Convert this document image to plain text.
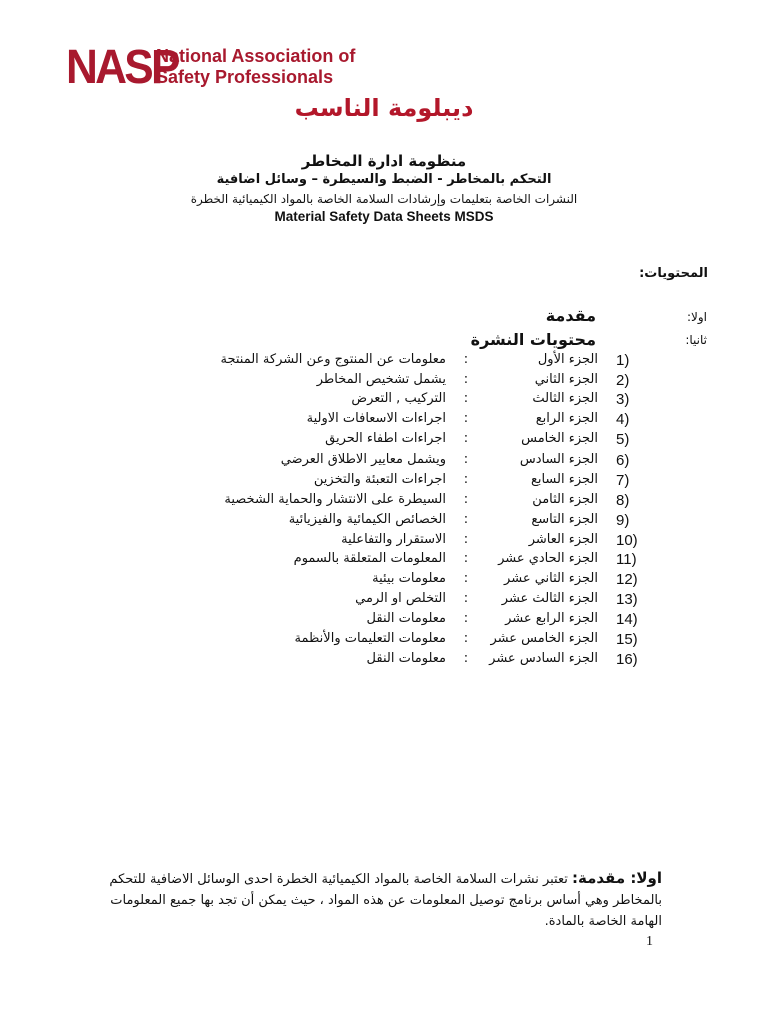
NASP
National Association of
Safety Professionals
ديبلومة الناسب
منظومة ادارة المخاطر
التحكم بالمخاطر - الضبط والسيطرة – وسائل اضافية
النشرات الخاصة بتعليمات وإرشادات السلامة الخاصة بالمواد الكيميائية الخطرة
Material Safety Data Sheets MSDS
المحتويات:
اولا:
مقدمة
ثانيا:
محتويات النشرة
1)
الجزء الأول
:
معلومات عن المنتوج وعن الشركة المنتجة
2)
الجزء الثاني
:
يشمل تشخيص المخاطر
3)
الجزء الثالث
:
التركيب , التعرض
4)
الجزء الرابع
:
اجراءات الاسعافات الاولية
5)
الجزء الخامس
:
اجراءات اطفاء الحريق
6)
الجزء السادس
:
ويشمل معايير الاطلاق العرضي
7)
الجزء السابع
:
اجراءات التعبئة والتخزين
8)
الجزء الثامن
:
السيطرة على الانتشار والحماية الشخصية
9)
الجزء التاسع
:
الخصائص الكيمائية والفيزيائية
10)
الجزء العاشر
:
الاستقرار والتفاعلية
11)
الجزء الحادي عشر
:
المعلومات المتعلقة بالسموم
12)
الجزء الثاني عشر
:
معلومات بيئية
13)
الجزء الثالث عشر
:
التخلص او الرمي
14)
الجزء الرابع عشر
:
معلومات النقل
15)
الجزء الخامس عشر
:
معلومات التعليمات والأنظمة
16)
الجزء السادس عشر
:
معلومات النقل
اولا: مقدمة: تعتبر نشرات السلامة الخاصة بالمواد الكيميائية الخطرة احدى الوسائل الاضافية للتحكم بالمخاطر وهي أساس برنامج توصيل المعلومات عن هذه المواد ، حيث يمكن أن تجد بها جميع المعلومات الهامة الخاصة بالمادة.
1
